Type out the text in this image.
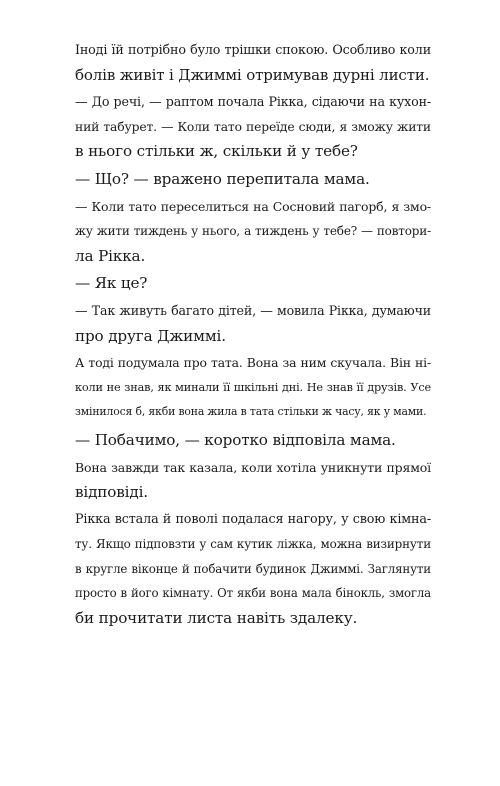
Іноді їй потрібно було трішки спокою. Особливо коли
болів живіт і Джиммі отримував дурні листи.

— До речі, — раптом почала Рікка, сідаючи на кухон-
ний табурет. — Коли тато переїде сюди, я зможу жити
в нього стільки ж, скільки й у тебе?

— Що? — вражено перепитала мама.

— Коли тато переселиться на Сосновий пагорб, я змо-
жу жити тиждень у нього, а тиждень у тебе? — повтори-
ла Рікка.

— Як це?

— Так живуть багато дітей, — мовила Рікка, думаючи
про друга Джиммі.

А тоді подумала про тата. Вона за ним скучала. Він ні-
коли не знав, як минали її шкільні дні. Не знав її друзів. Усе
змінилося б, якби вона жила в тата стільки ж часу, як у мами.

— Побачимо, — коротко відповіла мама.

Вона завжди так казала, коли хотіла уникнути прямої
відповіді.

Рікка встала й поволі подалася нагору, у свою кімна-
ту. Якщо підповзти у сам кутик ліжка, можна визирнути
в кругле віконце й побачити будинок Джиммі. Заглянути
просто в його кімнату. От якби вона мала бінокль, змогла
би прочитати листа навіть здалеку.
